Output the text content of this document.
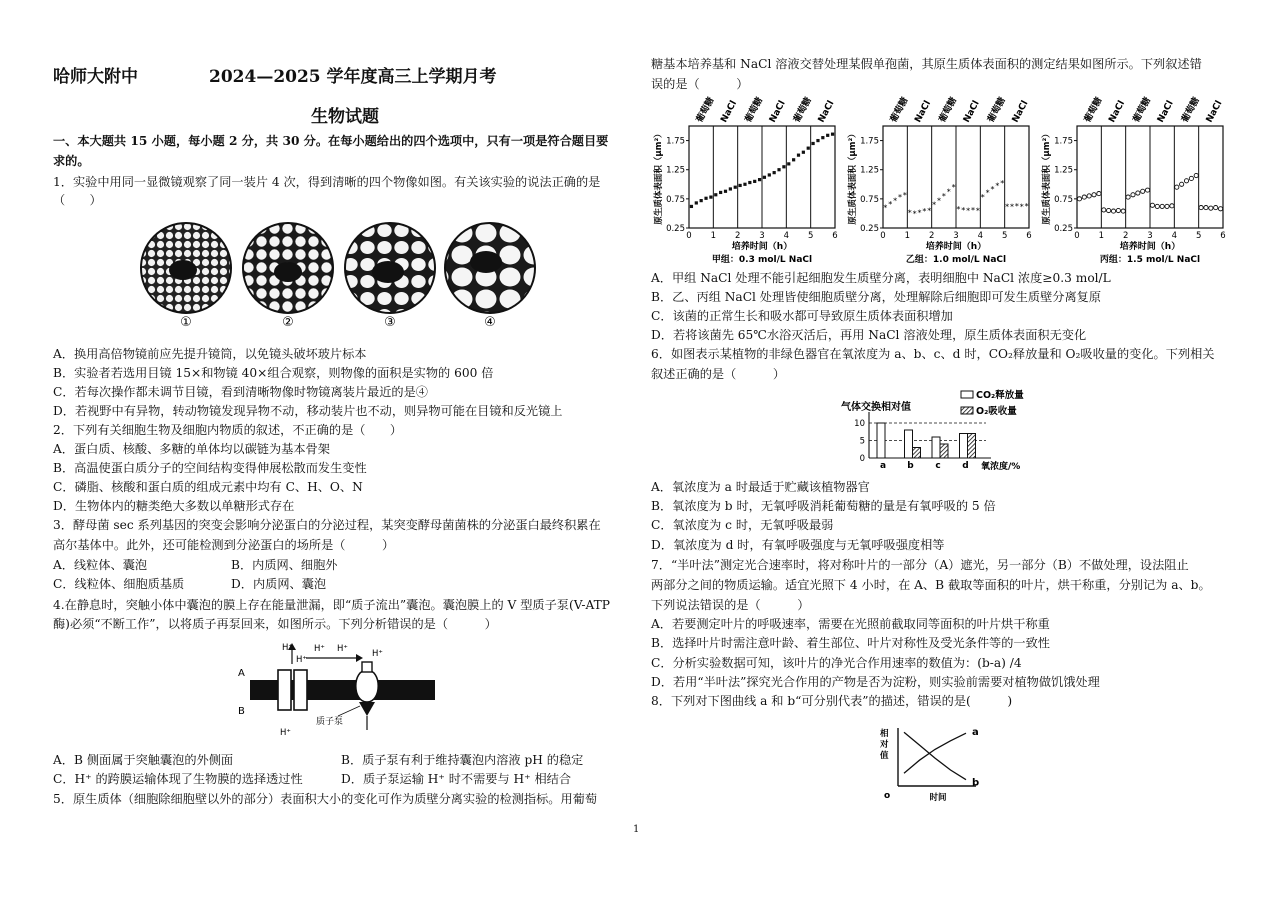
哈师大附中	2024—2025 学年度高三上学期月考
生物试题
一、本大题共 15 小题，每小题 2 分，共 30 分。在每小题给出的四个选项中，只有一项是符合题目要
求的。
1．实验中用同一显微镜观察了同一装片 4 次，得到清晰的四个物像如图。有关该实验的说法正确的是
（　　）
①	②	③	④
A．换用高倍物镜前应先提升镜筒，以免镜头破坏玻片标本
B．实验者若选用目镜 15×和物镜 40×组合观察，则物像的面积是实物的 600 倍
C．若每次操作都未调节目镜，看到清晰物像时物镜离装片最近的是④
D．若视野中有异物，转动物镜发现异物不动，移动装片也不动，则异物可能在目镜和反光镜上
2．下列有关细胞生物及细胞内物质的叙述，不正确的是（　　）
A．蛋白质、核酸、多糖的单体均以碳链为基本骨架
B．高温使蛋白质分子的空间结构变得伸展松散而发生变性
C．磷脂、核酸和蛋白质的组成元素中均有 C、H、O、N
D．生物体内的糖类绝大多数以单糖形式存在
3．酵母菌 sec 系列基因的突变会影响分泌蛋白的分泌过程，某突变酵母菌菌株的分泌蛋白最终积累在
高尔基体中。此外，还可能检测到分泌蛋白的场所是（　　　）
A．线粒体、囊泡	B．内质网、细胞外
C．线粒体、细胞质基质	D．内质网、囊泡
4.在静息时，突触小体中囊泡的膜上存在能量泄漏，即“质子流出”囊泡。囊泡膜上的 V 型质子泵(V-ATP
酶)必须“不断工作”，以将质子再泵回来，如图所示。下列分析错误的是（　　　）
H⁺
H⁺
H⁺ H⁺	H⁺
H⁺
A
B
质子泵
A．B 侧面属于突触囊泡的外侧面	B．质子泵有利于维持囊泡内溶液 pH 的稳定
C．H⁺ 的跨膜运输体现了生物膜的选择透过性	D．质子泵运输 H⁺ 时不需要与 H⁺ 相结合
5．原生质体（细胞除细胞壁以外的部分）表面积大小的变化可作为质壁分离实验的检测指标。用葡萄
糖基本培养基和 NaCl 溶液交替处理某假单孢菌，其原生质体表面积的测定结果如图所示。下列叙述错
误的是（　　　）
葡萄糖 NaCl 葡萄糖 NaCl 葡萄糖 NaCl
0.25
0.75
1.25
1.75
0 1 2 3 4 5 6
原生质体表面积（μm²）
培养时间（h）
甲组：0.3 mol/L NaCl
葡萄糖 NaCl 葡萄糖 NaCl 葡萄糖 NaCl
0.25
0.75
1.25
1.75
0 1 2 3 4 5 6
原生质体表面积（μm²）
培养时间（h）
乙组：1.0 mol/L NaCl
* * * * *
* * * * *
* *
*
* *
* * * * *
*
* * * *
* * * * *
葡萄糖 NaCl 葡萄糖 NaCl 葡萄糖 NaCl
0.25
0.75
1.25
1.75
0 1 2 3 4 5 6
原生质体表面积（μm²）
培养时间（h）
丙组：1.5 mol/L NaCl
A．甲组 NaCl 处理不能引起细胞发生质壁分离，表明细胞中 NaCl 浓度≥0.3 mol/L
B．乙、丙组 NaCl 处理皆使细胞质壁分离，处理解除后细胞即可发生质壁分离复原
C．该菌的正常生长和吸水都可导致原生质体表面积增加
D．若将该菌先 65℃水浴灭活后，再用 NaCl 溶液处理，原生质体表面积无变化
6．如图表示某植物的非绿色器官在氧浓度为 a、b、c、d 时，CO₂释放量和 O₂吸收量的变化。下列相关
叙述正确的是（　　　）
气体交换相对值
0
5
10
a b c d 氧浓度/%
CO₂释放量
O₂吸收量
A．氧浓度为 a 时最适于贮藏该植物器官
B．氧浓度为 b 时，无氧呼吸消耗葡萄糖的量是有氧呼吸的 5 倍
C．氧浓度为 c 时，无氧呼吸最弱
D．氧浓度为 d 时，有氧呼吸强度与无氧呼吸强度相等
7．“半叶法”测定光合速率时，将对称叶片的一部分（A）遮光，另一部分（B）不做处理，设法阻止
两部分之间的物质运输。适宜光照下 4 小时，在 A、B 截取等面积的叶片，烘干称重，分别记为 a、b。
下列说法错误的是（　　　）
A．若要测定叶片的呼吸速率，需要在光照前截取同等面积的叶片烘干称重
B．选择叶片时需注意叶龄、着生部位、叶片对称性及受光条件等的一致性
C．分析实验数据可知，该叶片的净光合作用速率的数值为：(b-a) /4
D．若用“半叶法”探究光合作用的产物是否为淀粉，则实验前需要对植物做饥饿处理
8．下列对下图曲线 a 和 b“可分别代表”的描述，错误的是(　　　)
相
对
值
o	时间
a
b
1
